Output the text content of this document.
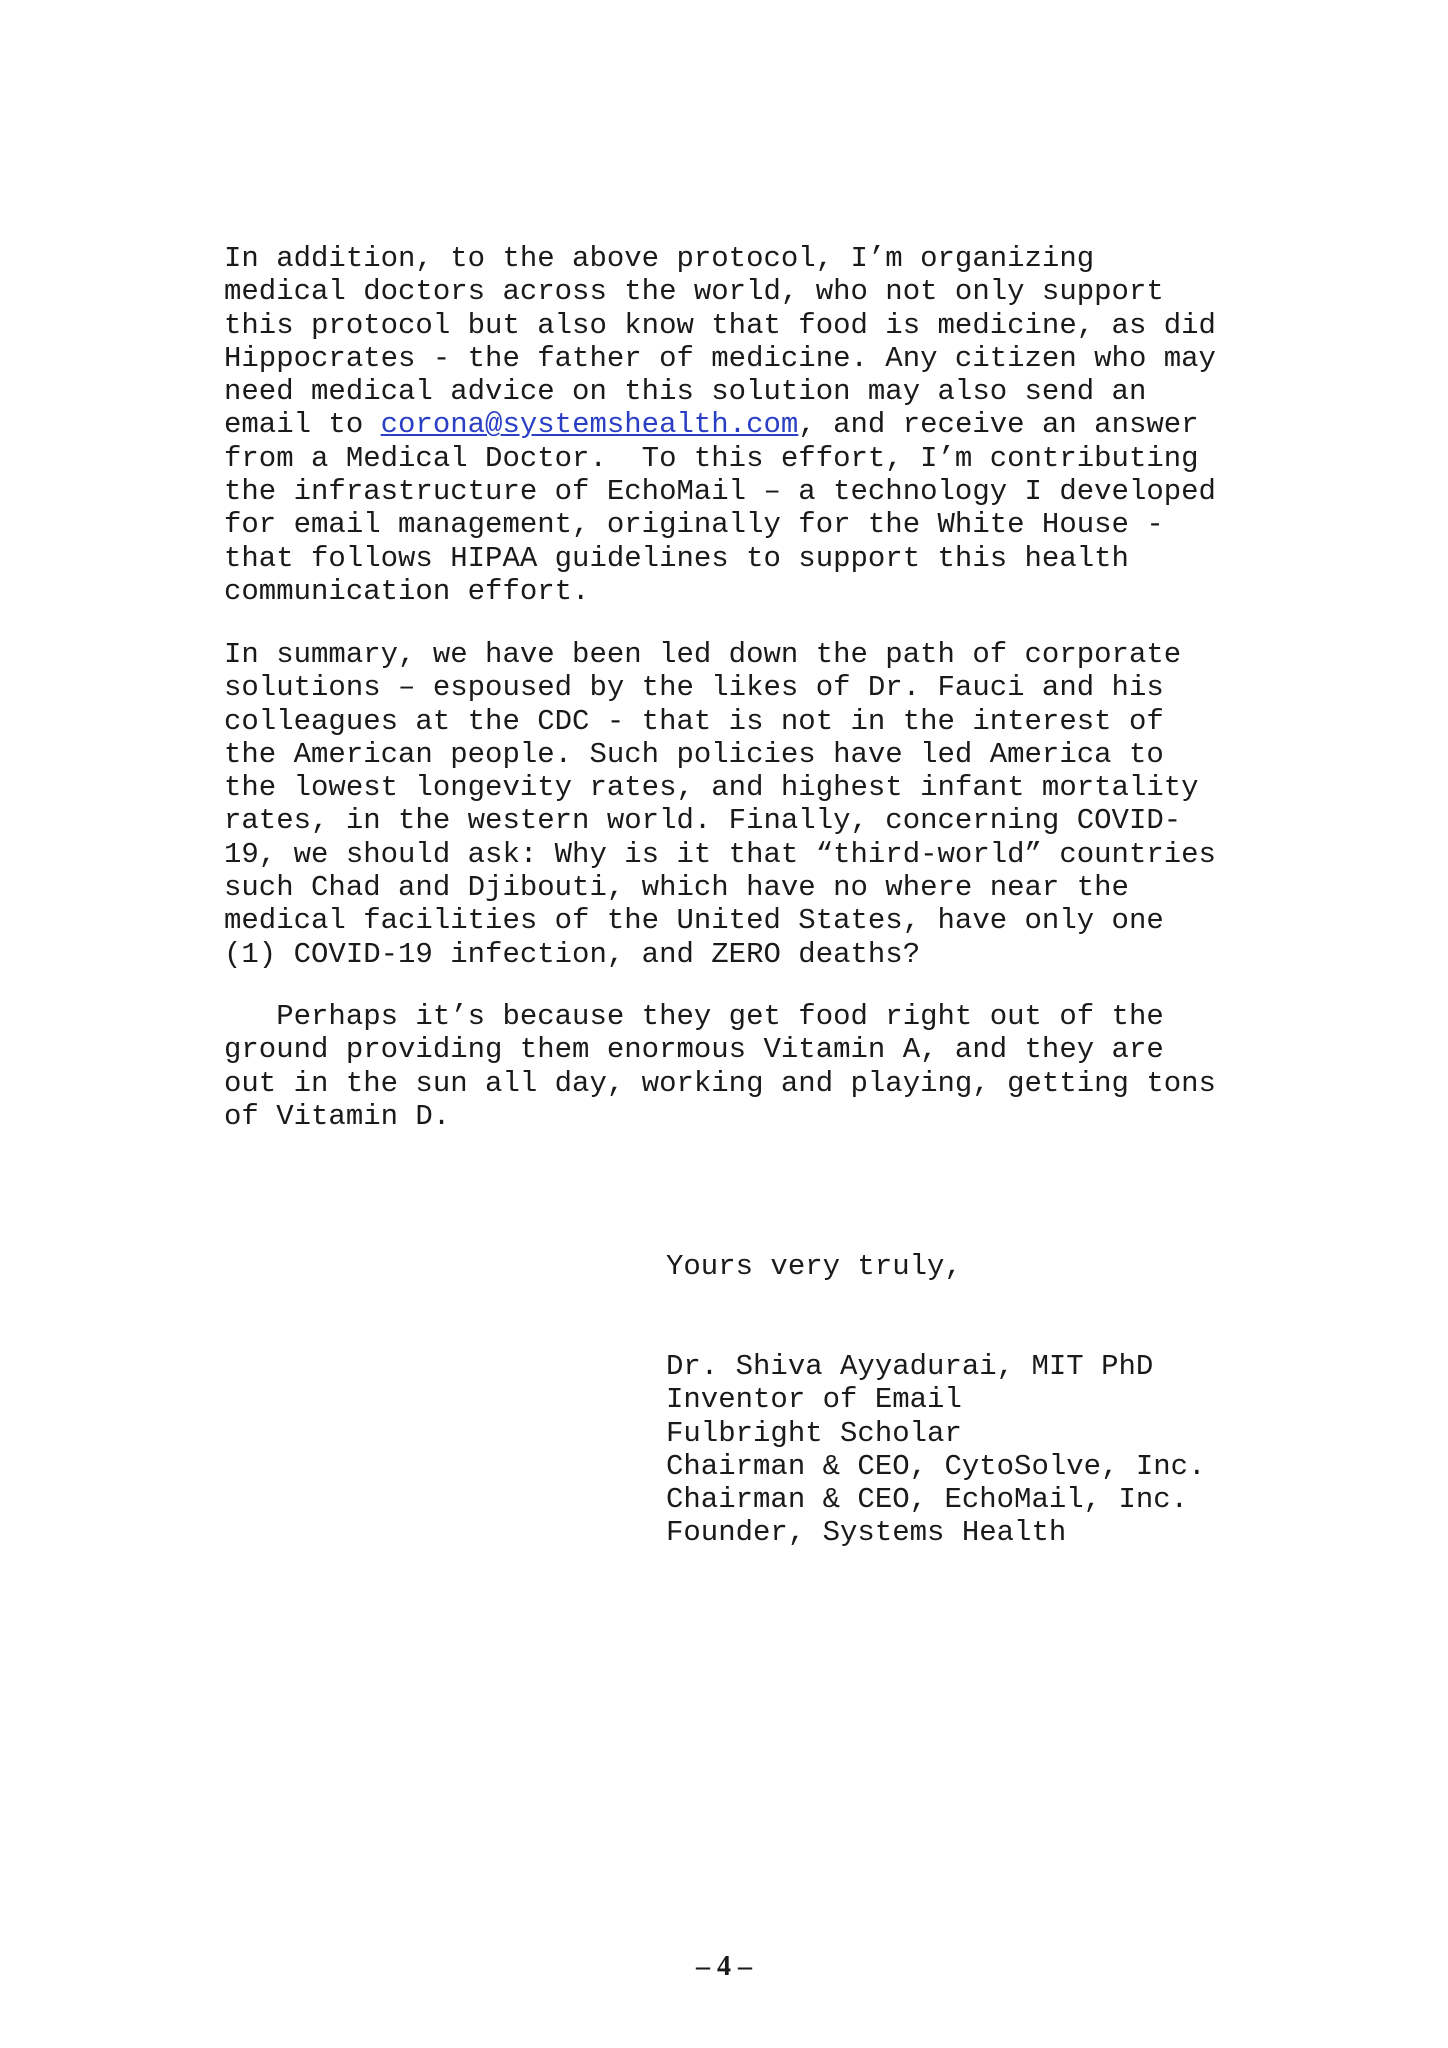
In addition, to the above protocol, I’m organizing
medical doctors across the world, who not only support
this protocol but also know that food is medicine, as did
Hippocrates - the father of medicine. Any citizen who may
need medical advice on this solution may also send an
email to corona@systemshealth.com, and receive an answer
from a Medical Doctor.  To this effort, I’m contributing
the infrastructure of EchoMail – a technology I developed
for email management, originally for the White House -
that follows HIPAA guidelines to support this health
communication effort.
In summary, we have been led down the path of corporate
solutions – espoused by the likes of Dr. Fauci and his
colleagues at the CDC - that is not in the interest of
the American people. Such policies have led America to
the lowest longevity rates, and highest infant mortality
rates, in the western world. Finally, concerning COVID-
19, we should ask: Why is it that “third-world” countries
such Chad and Djibouti, which have no where near the
medical facilities of the United States, have only one
(1) COVID-19 infection, and ZERO deaths?
Perhaps it’s because they get food right out of the
ground providing them enormous Vitamin A, and they are
out in the sun all day, working and playing, getting tons
of Vitamin D.
Yours very truly,
Dr. Shiva Ayyadurai, MIT PhD
Inventor of Email
Fulbright Scholar
Chairman & CEO, CytoSolve, Inc.
Chairman & CEO, EchoMail, Inc.
Founder, Systems Health
– 4 –
